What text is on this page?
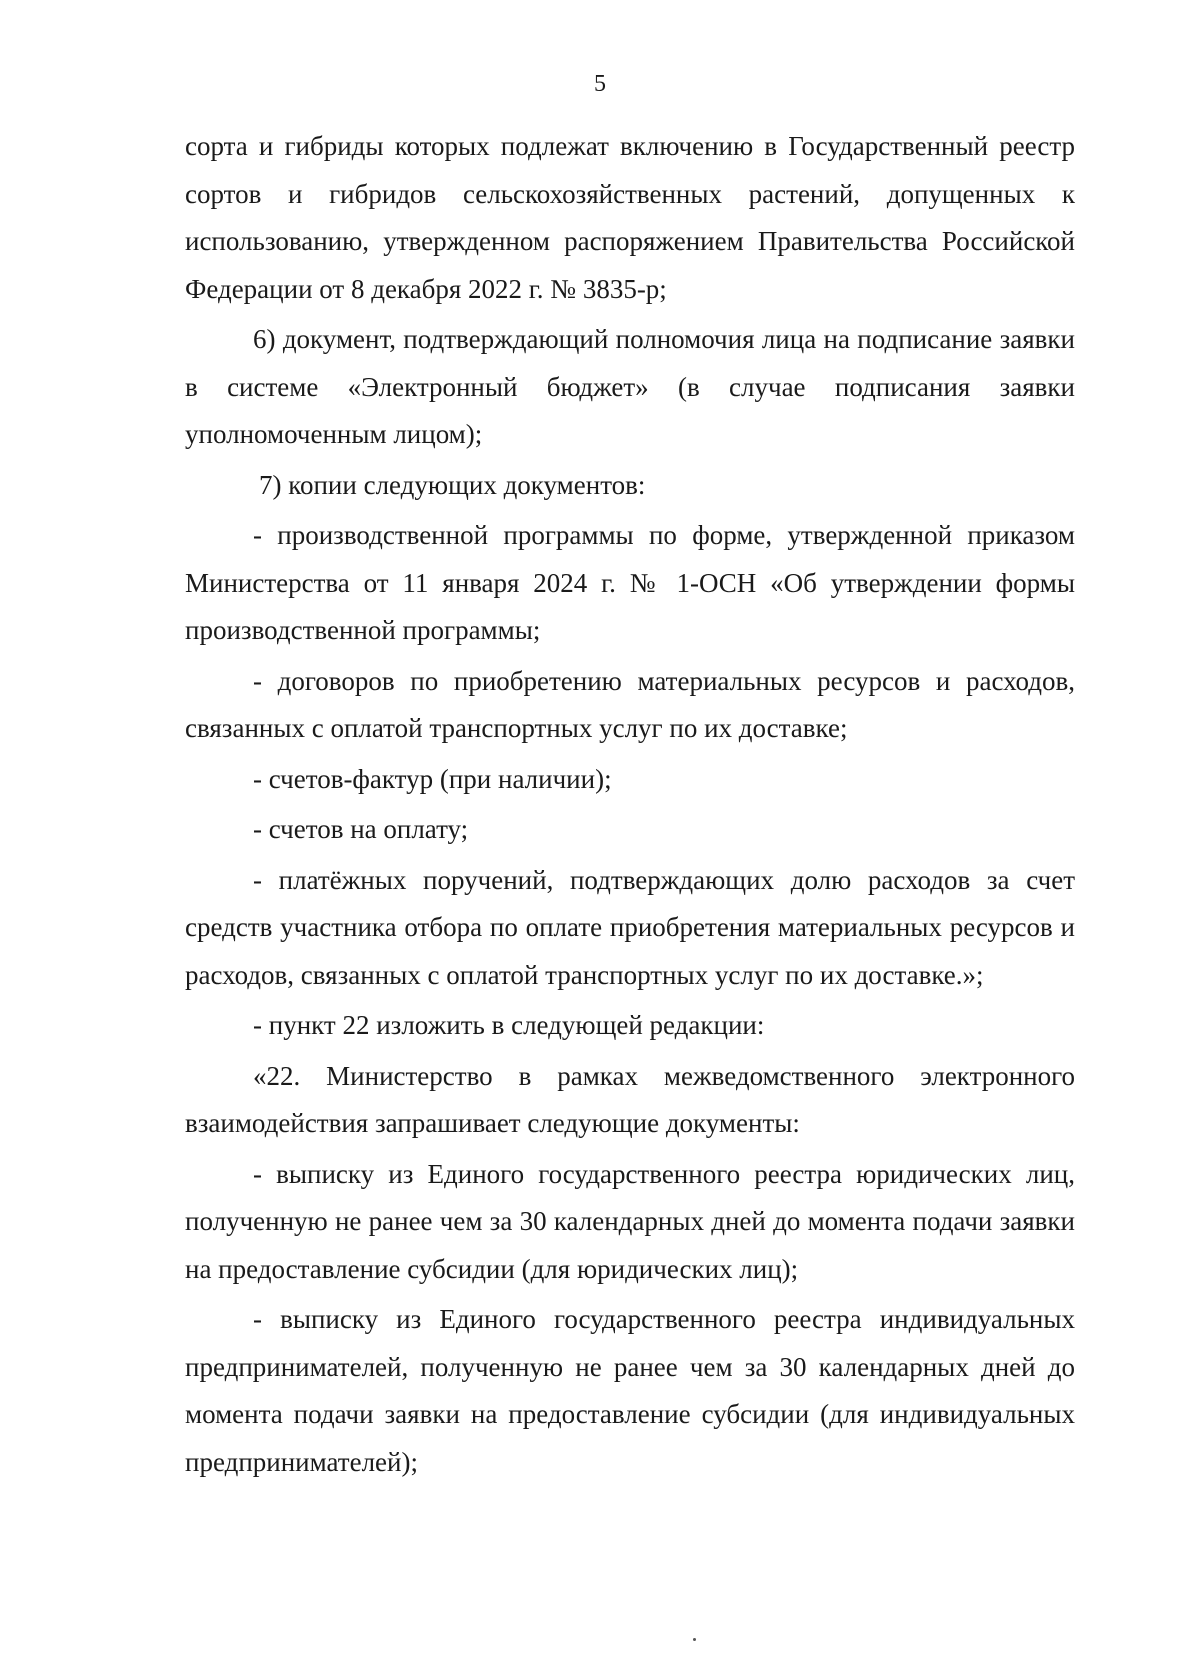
5

сорта и гибриды которых подлежат включению в Государственный реестр сортов и гибридов сельскохозяйственных растений, допущенных к использованию, утвержденном распоряжением Правительства Российской Федерации от 8 декабря 2022 г. № 3835-р;

6) документ, подтверждающий полномочия лица на подписание заявки в системе «Электронный бюджет» (в случае подписания заявки уполномоченным лицом);

7) копии следующих документов:

- производственной программы по форме, утвержденной приказом Министерства от 11 января 2024 г. № 1-ОСН «Об утверждении формы производственной программы;

- договоров по приобретению материальных ресурсов и расходов, связанных с оплатой транспортных услуг по их доставке;

- счетов-фактур (при наличии);

- счетов на оплату;

- платёжных поручений, подтверждающих долю расходов за счет средств участника отбора по оплате приобретения материальных ресурсов и расходов, связанных с оплатой транспортных услуг по их доставке.»;

- пункт 22 изложить в следующей редакции:

«22. Министерство в рамках межведомственного электронного взаимодействия запрашивает следующие документы:

- выписку из Единого государственного реестра юридических лиц, полученную не ранее чем за 30 календарных дней до момента подачи заявки на предоставление субсидии (для юридических лиц);

- выписку из Единого государственного реестра индивидуальных предпринимателей, полученную не ранее чем за 30 календарных дней до момента подачи заявки на предоставление субсидии (для индивидуальных предпринимателей);
